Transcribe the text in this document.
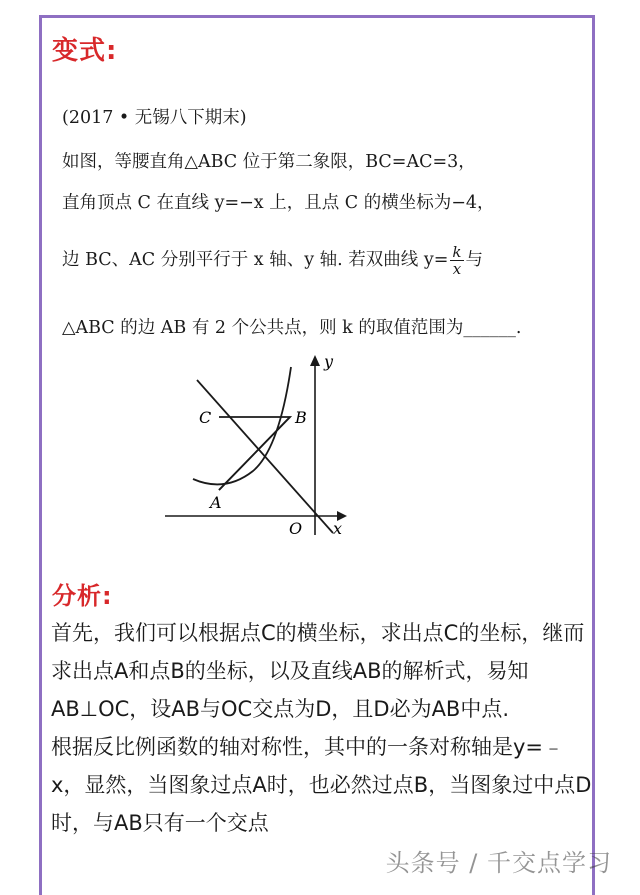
变式:
(2017 • 无锡八下期末)
如图，等腰直角△ABC 位于第二象限，BC=AC=3，
直角顶点 C 在直线 y=−x 上，且点 C 的横坐标为−4，
边 BC、AC 分别平行于 x 轴、y 轴. 若双曲线 $y= \frac{k}{x}$ 与
△ABC 的边 AB 有 2 个公共点，则 k 的取值范围为______.
C	B
A
O x
y
分析:

首先，我们可以根据点C的横坐标，求出点C的坐标，继而求出点A和点B的坐标，以及直线AB的解析式，易知AB⊥OC，设AB与OC交点为D，且D必为AB中点.

根据反比例函数的轴对称性，其中的一条对称轴是y=﹣x，显然，当图象过点A时，也必然过点B，当图象过中点D时，与AB只有一个交点

头条号 / 千交点学习
